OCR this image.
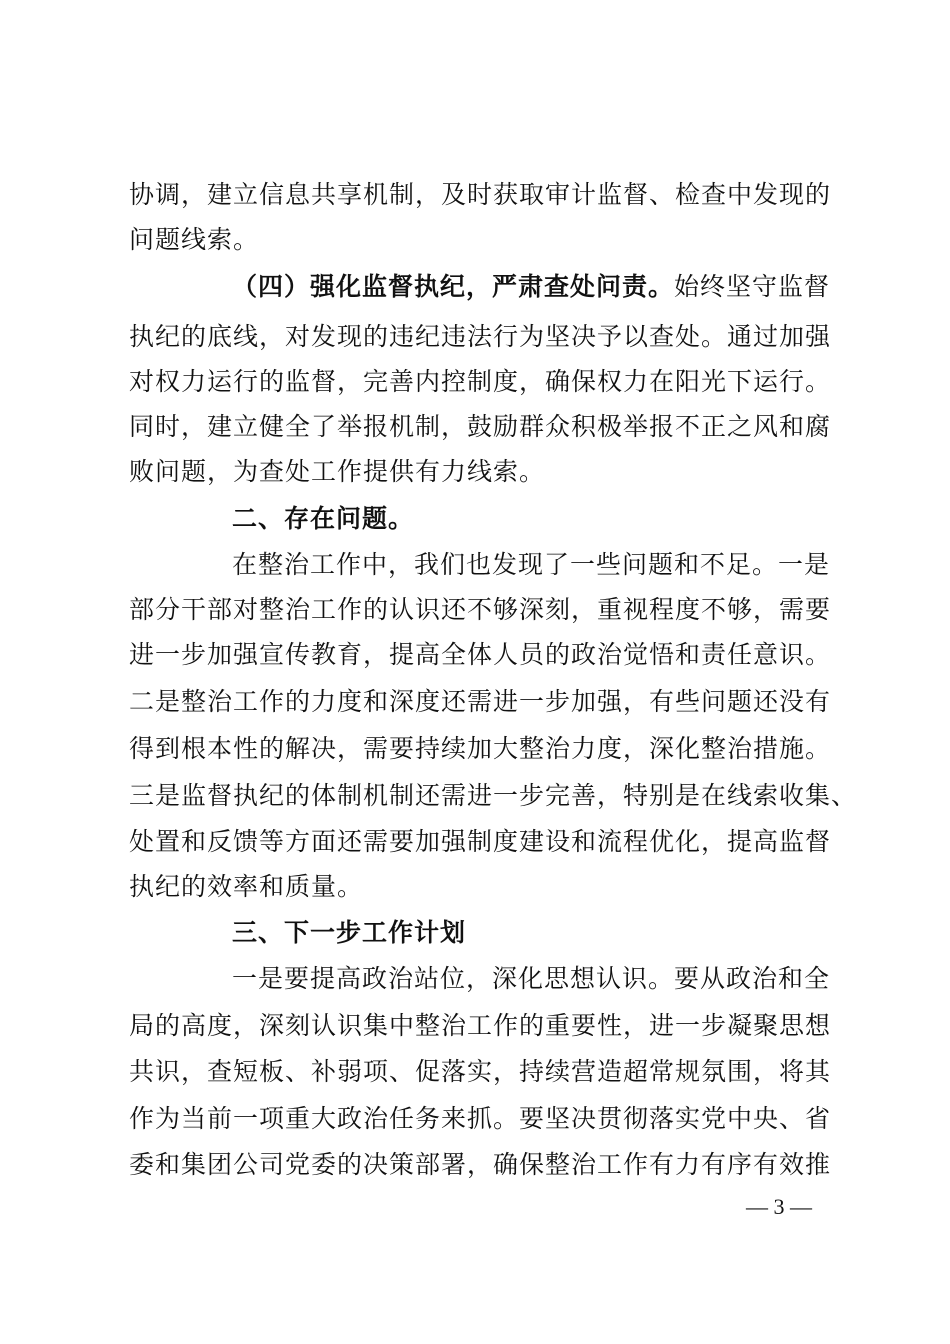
协调，建立信息共享机制，及时获取审计监督、检查中发现的
问题线索。
（四）强化监督执纪，严肃查处问责。始终坚守监督
执纪的底线，对发现的违纪违法行为坚决予以查处。通过加强
对权力运行的监督，完善内控制度，确保权力在阳光下运行。
同时，建立健全了举报机制，鼓励群众积极举报不正之风和腐
败问题，为查处工作提供有力线索。
二、存在问题。
在整治工作中，我们也发现了一些问题和不足。一是
部分干部对整治工作的认识还不够深刻，重视程度不够，需要
进一步加强宣传教育，提高全体人员的政治觉悟和责任意识。
二是整治工作的力度和深度还需进一步加强，有些问题还没有
得到根本性的解决，需要持续加大整治力度，深化整治措施。
三是监督执纪的体制机制还需进一步完善，特别是在线索收集、
处置和反馈等方面还需要加强制度建设和流程优化，提高监督
执纪的效率和质量。
三、下一步工作计划
一是要提高政治站位，深化思想认识。要从政治和全
局的高度，深刻认识集中整治工作的重要性，进一步凝聚思想
共识，查短板、补弱项、促落实，持续营造超常规氛围，将其
作为当前一项重大政治任务来抓。要坚决贯彻落实党中央、省
委和集团公司党委的决策部署，确保整治工作有力有序有效推
— 3 —
